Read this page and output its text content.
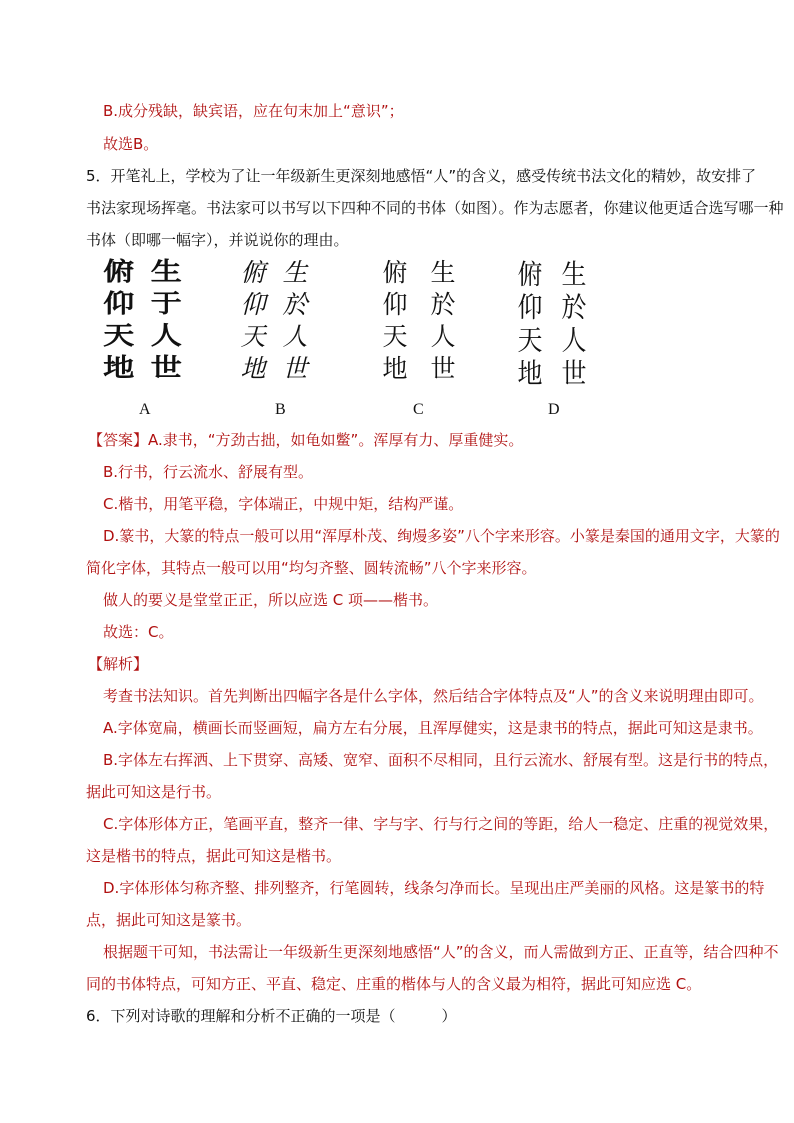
B.成分残缺，缺宾语，应在句末加上“意识”；
故选B。
5．开笔礼上，学校为了让一年级新生更深刻地感悟“人”的含义，感受传统书法文化的精妙，故安排了
书法家现场挥毫。书法家可以书写以下四种不同的书体（如图）。作为志愿者，你建议他更适合选写哪一种
书体（即哪一幅字），并说说你的理由。
俯
仰
天
地
生
于
人
世
俯
仰
天
地
生
於
人
世
俯
仰
天
地
生
於
人
世
俯
仰
天
地
生
於
人
世
A	B	C	D
【答案】A.隶书，“方劲古拙，如龟如鳖”。浑厚有力、厚重健实。
B.行书，行云流水、舒展有型。
C.楷书，用笔平稳，字体端正，中规中矩，结构严谨。
D.篆书，大篆的特点一般可以用“浑厚朴茂、绚熳多姿”八个字来形容。小篆是秦国的通用文字，大篆的
简化字体，其特点一般可以用“均匀齐整、圆转流畅”八个字来形容。
做人的要义是堂堂正正，所以应选 C 项——楷书。
故选：C。
【解析】
考查书法知识。首先判断出四幅字各是什么字体，然后结合字体特点及“人”的含义来说明理由即可。
A.字体宽扁，横画长而竖画短，扁方左右分展，且浑厚健实，这是隶书的特点，据此可知这是隶书。
B.字体左右挥洒、上下贯穿、高矮、宽窄、面积不尽相同，且行云流水、舒展有型。这是行书的特点，
据此可知这是行书。
C.字体形体方正，笔画平直，整齐一律、字与字、行与行之间的等距，给人一稳定、庄重的视觉效果，
这是楷书的特点，据此可知这是楷书。
D.字体形体匀称齐整、排列整齐，行笔圆转，线条匀净而长。呈现出庄严美丽的风格。这是篆书的特
点，据此可知这是篆书。
根据题干可知，书法需让一年级新生更深刻地感悟“人”的含义，而人需做到方正、正直等，结合四种不
同的书体特点，可知方正、平直、稳定、庄重的楷体与人的含义最为相符，据此可知应选 C。
6．下列对诗歌的理解和分析不正确的一项是（	）
